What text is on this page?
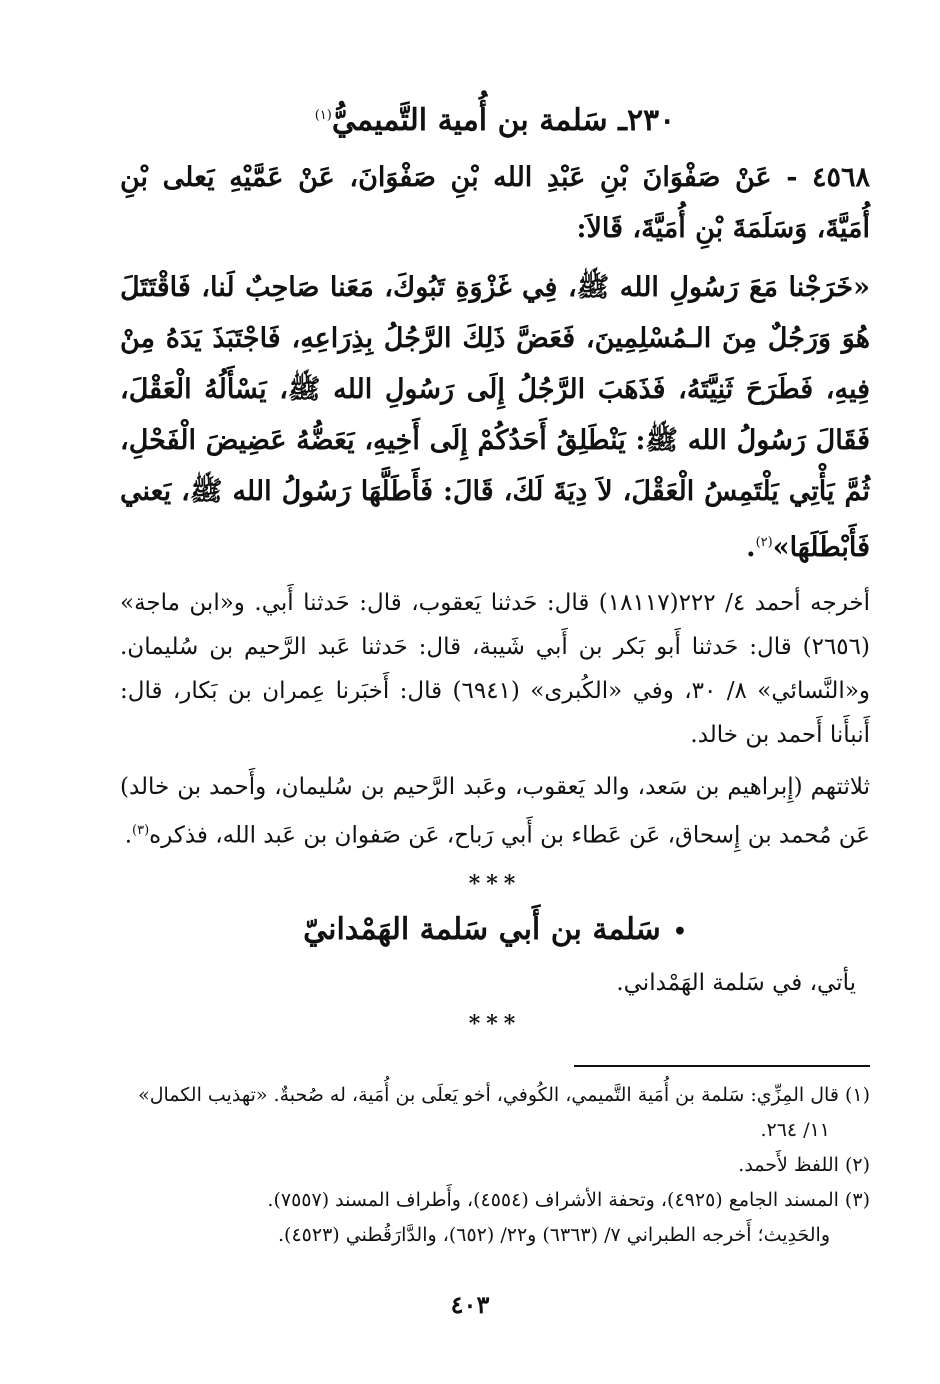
٢٣٠ـ سَلمة بن أُمية التَّميميُّ$^{(١)}$

٤٥٦٨ - عَنْ صَفْوَانَ بْنِ عَبْدِ الله بْنِ صَفْوَانَ، عَنْ عَمَّيْهِ يَعلى بْنِ أُمَيَّةَ، وَسَلَمَةَ بْنِ أُمَيَّةَ، قَالاَ:

«خَرَجْنا مَعَ رَسُولِ الله ﷺ، فِي غَزْوَةِ تَبُوكَ، مَعَنا صَاحِبٌ لَنا، فَاقْتَتَلَ هُوَ وَرَجُلٌ مِنَ الـمُسْلِمِينَ، فَعَضَّ ذَلِكَ الرَّجُلُ بِذِرَاعِهِ، فَاجْتَبَذَ يَدَهُ مِنْ فِيهِ، فَطَرَحَ ثَنِيَّتَهُ، فَذَهَبَ الرَّجُلُ إِلَى رَسُولِ الله ﷺ، يَسْأَلُهُ الْعَقْلَ، فَقَالَ رَسُولُ الله ﷺ: يَنْطَلِقُ أَحَدُكُمْ إِلَى أَخِيهِ، يَعَضُّهُ عَضِيضَ الْفَحْلِ، ثُمَّ يَأْتِي يَلْتَمِسُ الْعَقْلَ، لاَ دِيَةَ لَكَ، قَالَ: فَأَطَلَّهَا رَسُولُ الله ﷺ، يَعني فَأَبْطَلَهَا»$^{(٢)}$.

أخرجه أحمد ٤/ ٢٢٢(١٨١١٧) قال: حَدثنا يَعقوب، قال: حَدثنا أَبي. و«ابن ماجة» (٢٦٥٦) قال: حَدثنا أَبو بَكر بن أَبي شَيبة، قال: حَدثنا عَبد الرَّحيم بن سُليمان. و«النَّسائي» ٨/ ٣٠، وفي «الكُبرى» (٦٩٤١) قال: أَخبَرنا عِمران بن بَكار، قال: أَنبأَنا أَحمد بن خالد.

ثلاثتهم (إِبراهيم بن سَعد، والد يَعقوب، وعَبد الرَّحيم بن سُليمان، وأَحمد بن خالد) عَن مُحمد بن إِسحاق، عَن عَطاء بن أَبي رَباح، عَن صَفوان بن عَبد الله، فذكره$^{(٣)}$.

***
•سَلمة بن أَبي سَلمة الهَمْدانيّ

يأتي، في سَلمة الهَمْداني.

***

(١) قال المِزِّي: سَلمة بن أُمَية التَّميمي، الكُوفي، أخو يَعلَى بن أُمَية، له صُحبةٌ. «تهذيب الكمال»

١١/ ٢٦٤.

(٢) اللفظ لأَحمد.

(٣) المسند الجامع (٤٩٢٥)، وتحفة الأشراف (٤٥٥٤)، وأَطراف المسند (٧٥٥٧).

والحَدِيث؛ أَخرجه الطبراني ٧/ (٦٣٦٣) و٢٢/ (٦٥٢)، والدَّارَقُطني (٤٥٢٣).

٤٠٣
